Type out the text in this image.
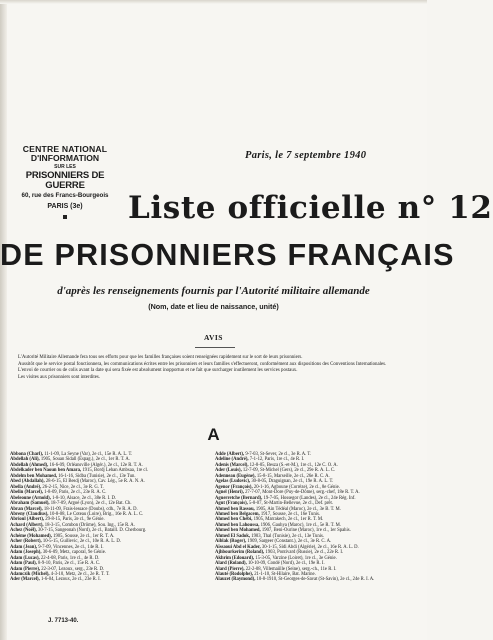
CENTRE NATIONAL
D'INFORMATION
SUR LES
PRISONNIERS DE GUERRE
60, rue des Francs-Bourgeois
PARIS (3e)
Paris, le 7 septembre 1940
Liste officielle n° 12
DE PRISONNIERS FRANÇAIS
d'après les renseignements fournis par l'Autorité militaire allemande
(Nom, date et lieu de naissance, unité)
AVIS

L'Autorité Militaire Allemande fera tous ses efforts pour que les familles françaises soient renseignées rapidement sur le sort de leurs prisonniers.

Aussitôt que le service postal fonctionnera, les communications écrites entre les prisonniers et leurs familles s'effectueront, conformément aux dispositions des Conventions Internationales.

L'envoi de courrier ou de colis avant la date qui sera fixée est absolument inopportun et ne fait que surcharger inutilement les services postaux.

Les visites aux prisonniers sont interdites.

A
Abbona (Charl), 11-1-09, La Seyne (Var), 2e cl., 15e R. A. L. T.
Abdellah (Ali), 1905, Souan Sidall (Espag.), 2e cl., 1er R. T. A.
Abdellah (Ahmed), 16-6-09, Orléansville (Algér.), 2e cl., 12e R. T. A.
Abdelkader ben Naoun ben Amara, 1915, Bordj Lehan Ambsaa, 1re cl.
Abdelm ben Mohamed, 16-1-16, Sidba (Tunisie), 2e cl., 13e Tun.
Abed (Abdallah), 28-6-15, El Besdj (Maroc), Cav. Lég., 5e R. A. N. A.
Abella (André), 26-2-15, Nice, 2e cl., 3e R. G. T.
Abelin (Marcel), 1-8-09, Paris, 2e cl., 23e R. A. C.
Abeleoune (Arnold), 1-8-10, Alsace, 2e cl., 38e R. I. D.
Abraham (Samuel), 18-7-09, Argoé (Lyon), 2e cl., 12e Bat. Ch.
Abran (Marcel), 18-11-09, Frais-lessace (Doubs), cdh., 7e R. A. D.
Abreny (Claudius), 10-8-08, Le Coteau (Loire), Brig., 16e R. A. L. C.
Abrioul (Albert), 29-8-15, Paris, 2e cl., 9e Génie.
Achard (Albert), 18-3-15, Combon (Drôme), Sou. Ing., 15e R. A.
Achez (Noël), 30-7-15, Sangeonah (Nord), 2e cl., Bataill. D. Cherbourg.
Achéme (Mohamed), 1905, Sousse, 2e cl., 1er R. T. A.
Acher (Robert), 10-5-15, Guillevic, 2e cl., 10e R. A. L. D.
Adam (Jean), 9-7-09, Vincennes, 2e cl., 14e R. I.
Adam (Joseph), 30-6-09, Metz, caporal, 9e Génie.
Adam (Lucas), 22-4-08, Paris, 1re cl., 4e R. D.
Adam (Paul), 8-9-10, Paris, 2e cl., 15e R. A. C.
Adam (Pierre), 22-3-07, Lezoux, serg., 23e R. D.
Adamczik (Michel), 4-3-10, Metz, 2e cl., 2e R. T. T.
Ader (Marcel), 1-6-04, Lezoux, 2e cl., 23e R. I.
Adde (Albert), 9-7-03, St-Sever, 2e cl., 3e R. A. T.
Adeline (André), 7-1-12, Paris, 1re cl., 4e R. I.
Adenis (Marcel), 12-8-05, Besza (S.-et-M.), 1re cl., 12e C. O. A.
Ader (Louis), 12-7-09, St-Michel (Gers), 2e cl., 29e R. A. L. C.
Adenneau (Eugène), 15-8-15, Marseille, 2e cl., 26e R. C. A.
Agelas (Ludovic), 30-8-05, Draguignan, 2e cl., 19e R. A. L. T.
Agenor (François), 20-1-16, Agboune (Corrèze), 2e cl., 8e Génie.
Agnel (Henri), 27-7-07, Mont-Dore (Puy-de-Dôme), serg.-chef, 18e R. T. A.
Aguerretche (Bernard), 19-7-05, Hossegor (Landes), 2e cl., 24e Rég. Inf.
Agut (François), 5-8-07, St-Martin-Bellevue, 2e cl., Def. prêt.
Ahmed ben Rassou, 1905, Ain Tédéal (Maroc), 2e cl., 3e B. T. M.
Ahmed ben Belgacem, 1917, Sousse, 2e cl., 16e Tunis.
Ahmed ben Chébi, 1905, Marrakech, 2e cl., 1er R. T. M.
Ahmed ben Lahoussa, 1906, Gauhya (Maroc), 1re cl., 5e R. T. M.
Ahmed ben Mohamed, 1907, Beni-Ourine (Maroc), 1re cl., 1er Spahis.
Ahmed El Sadok, 1903, Thal (Tunisie), 2e cl., 13e Tunis.
Aiblak (Roger), 1909, Sargeer (Constant.), 2e cl., 3e R. C. A.
Aïssaoui Abd el Kader, 30-1-15, Sidi Abdi (Algérie), 2e cl., 16e R. A. L. D.
Ajhbourkerim (Roland), 1903, Pontivard (Russie), 2e cl., 22e R. I.
Akhrim (Edouard), 15-3-05, Varzine (Loiret), 1re cl., 3e Génie.
Alard (Roland), 10-10-09, Condé (Nord), 2e cl., 19e R. I.
Alard (Pierre), 22-2-08, Villemaiille (Seine), serg.-ch., 11e R. I.
Alauté (Rodolphe), 21-1-10, St-Hilaire, Bat. Marine.
Alauzet (Raymond), 10-8-1910, St-Georges-de-Savat (St-Savin), 2e cl., 24e R. I. A.
J. 7713-40.
